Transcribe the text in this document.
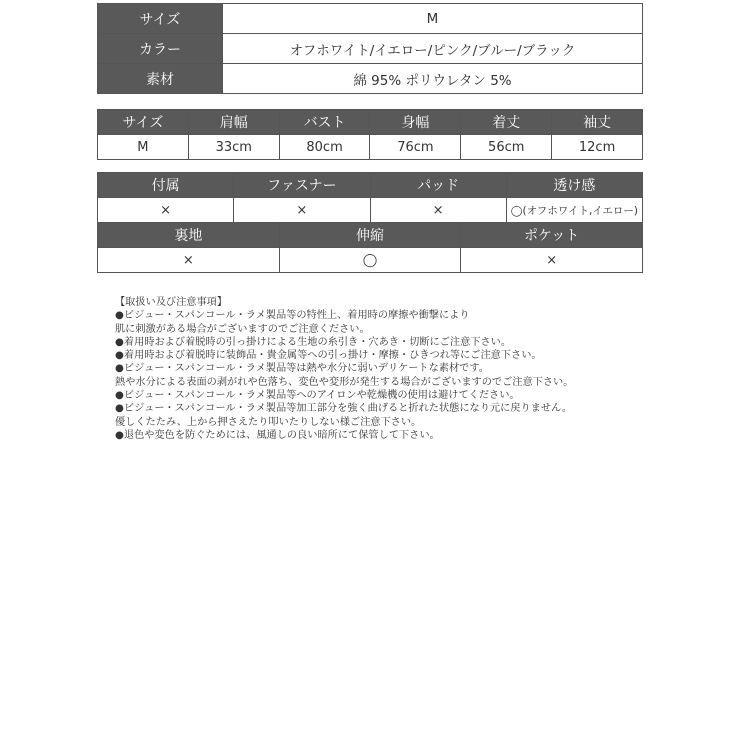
サイズ	M
カラー	オフホワイト/イエロー/ピンク/ブルー/ブラック
素材	綿 95% ポリウレタン 5%
サイズ	肩幅	バスト	身幅	着丈	袖丈
M	33cm	80cm	76cm	56cm	12cm
付属	ファスナー	パッド	透け感
×	×	×	◯(オフホワイト,イエロー)
裏地	伸縮	ポケット
×	◯	×
【取扱い及び注意事項】
●ビジュー・スパンコール・ラメ製品等の特性上、着用時の摩擦や衝撃により
肌に刺激がある場合がございますのでご注意ください。
●着用時および着脱時の引っ掛けによる生地の糸引き・穴あき・切断にご注意下さい。
●着用時および着脱時に装飾品・貴金属等への引っ掛け・摩擦・ひきつれ等にご注意下さい。
●ビジュー・スパンコール・ラメ製品等は熱や水分に弱いデリケートな素材です。
熱や水分による表面の剥がれや色落ち、変色や変形が発生する場合がございますのでご注意下さい。
●ビジュー・スパンコール・ラメ製品等へのアイロンや乾燥機の使用は避けてください。
●ビジュー・スパンコール・ラメ製品等加工部分を強く曲げると折れた状態になり元に戻りません。
優しくたたみ、上から押さえたり叩いたりしない様ご注意下さい。
●退色や変色を防ぐためには、風通しの良い暗所にて保管して下さい。
